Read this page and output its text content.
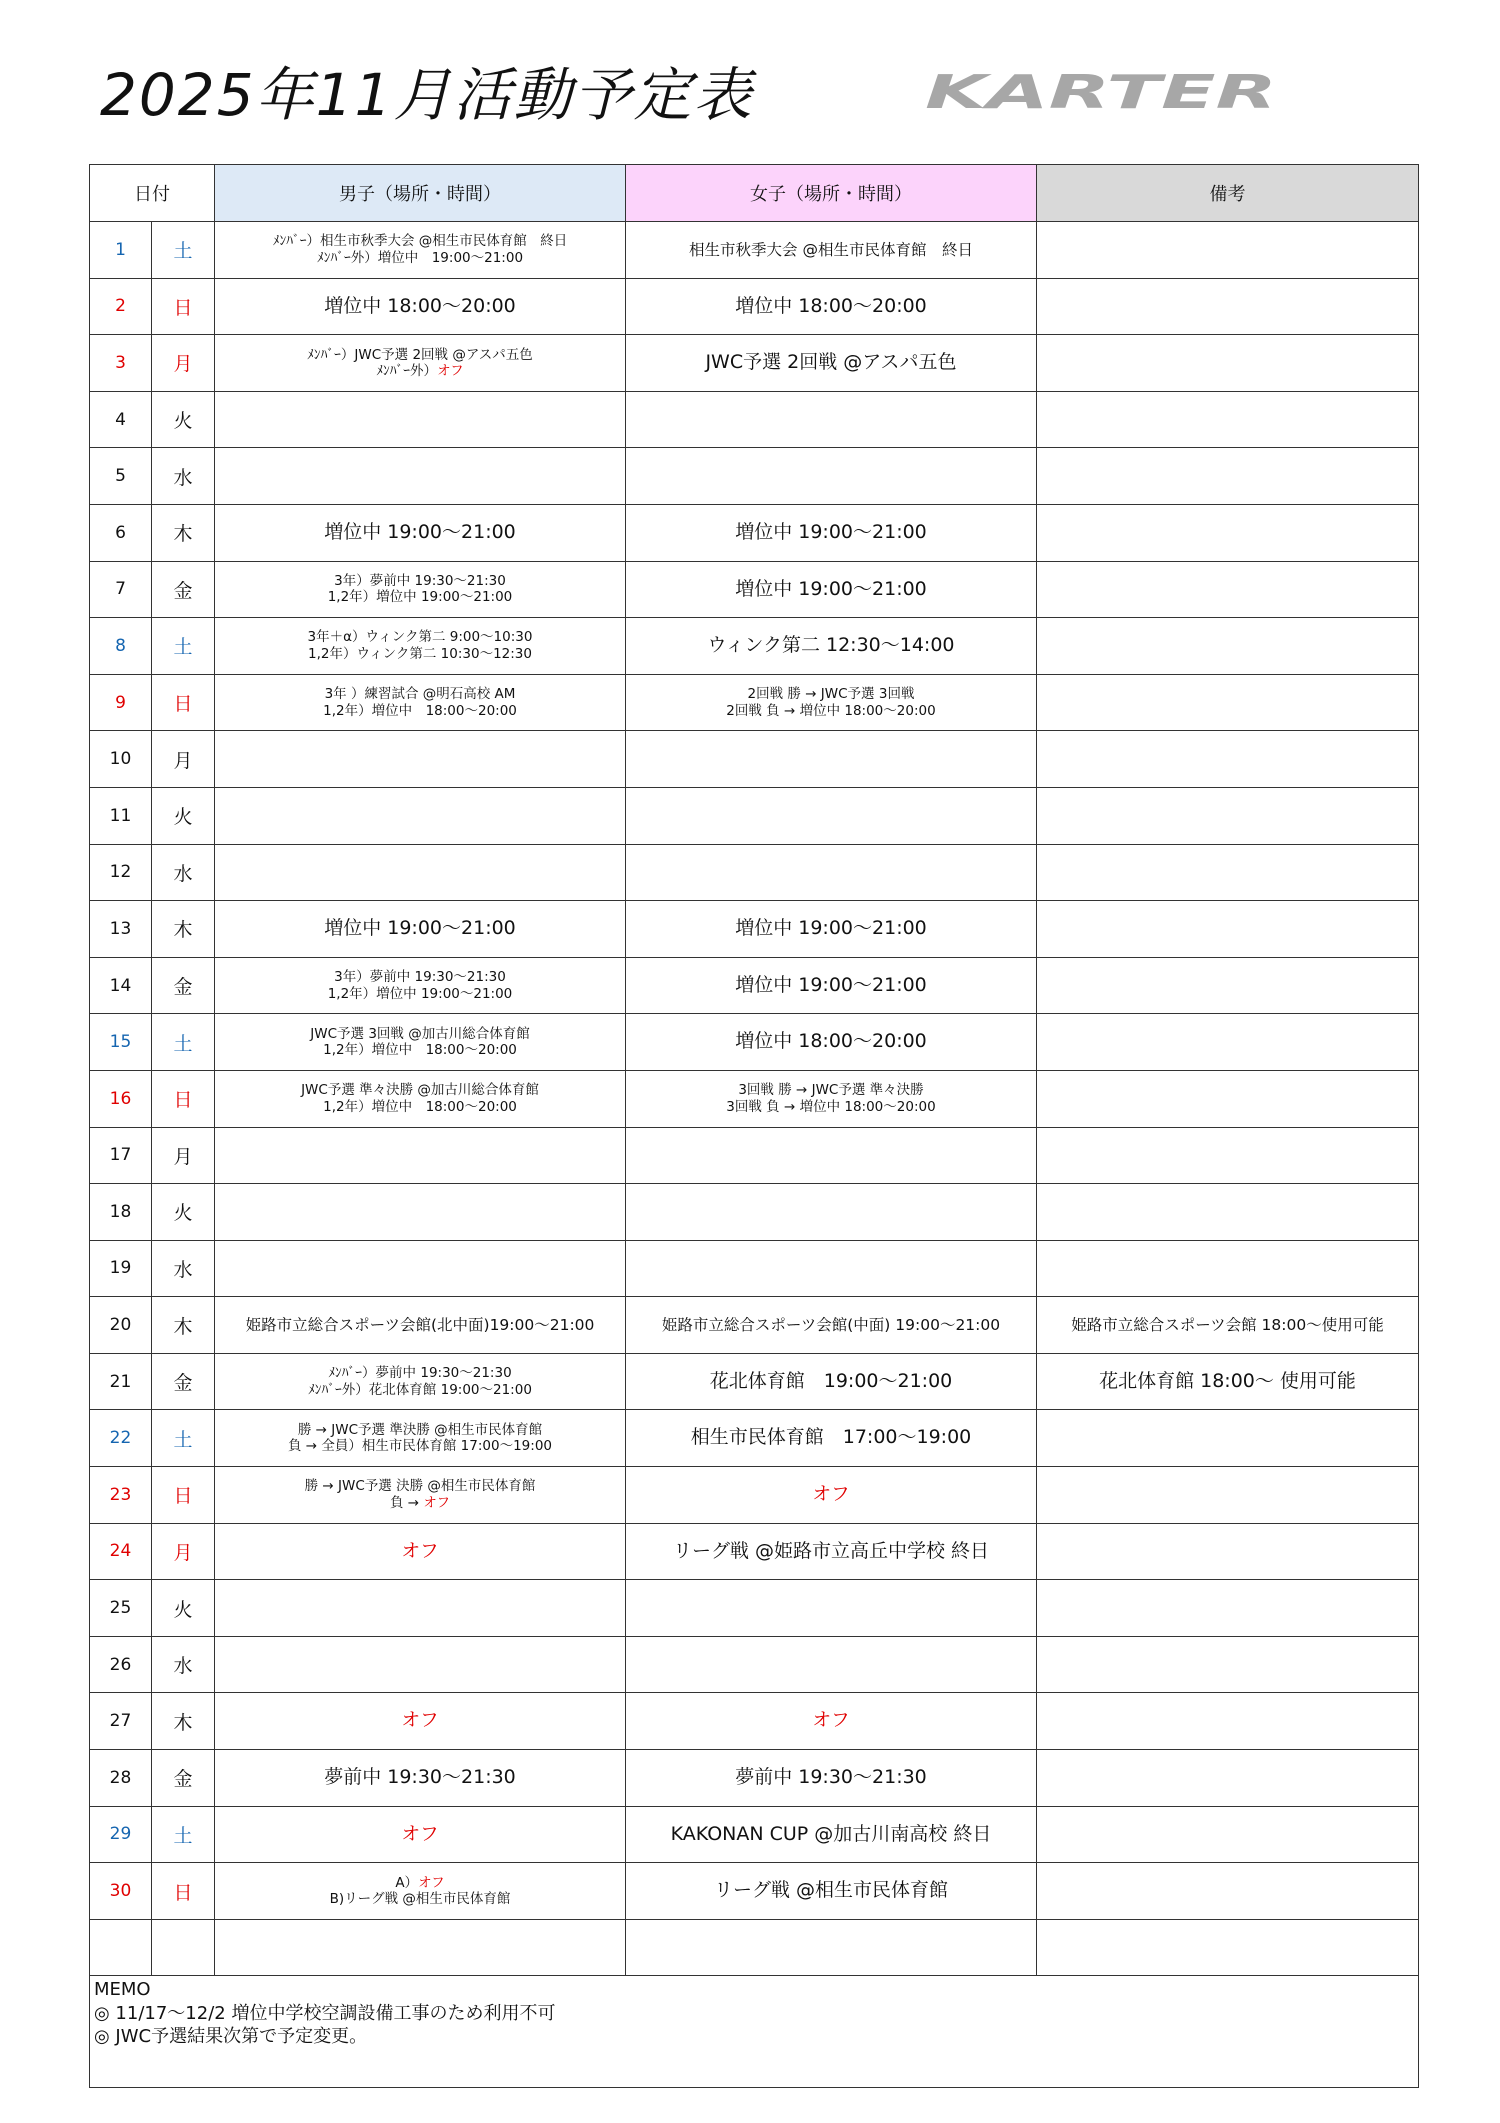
2025年11月活動予定表	KARTER
日付		男子（場所・時間）	女子（場所・時間）	備考
1	土	ﾒﾝﾊﾞｰ）相生市秋季大会 @相生市民体育館　終日
ﾒﾝﾊﾞｰ外）増位中　19:00～21:00	相生市秋季大会 @相生市民体育館　終日	

2	日	増位中 18:00～20:00	増位中 18:00～20:00	

3	月	ﾒﾝﾊﾞｰ）JWC予選 2回戦 @アスパ五色
ﾒﾝﾊﾞｰ外）オフ	JWC予選 2回戦 @アスパ五色	

4	火			
5	水			
6	木	増位中 19:00～21:00	増位中 19:00～21:00	

7	金	3年）夢前中 19:30～21:30
1,2年）増位中 19:00～21:00	増位中 19:00～21:00	

8	土	3年＋α）ウィンク第二 9:00～10:30
1,2年）ウィンク第二 10:30～12:30	ウィンク第二 12:30～14:00	

9	日	3年 ）練習試合 @明石高校 AM
1,2年）増位中　18:00～20:00	2回戦 勝 → JWC予選 3回戦
2回戦 負 → 増位中 18:00～20:00	

10	月			
11	火			
12	水			
13	木	増位中 19:00～21:00	増位中 19:00～21:00	

14	金	3年）夢前中 19:30～21:30
1,2年）増位中 19:00～21:00	増位中 19:00～21:00	

15	土	JWC予選 3回戦 @加古川総合体育館
1,2年）増位中　18:00～20:00	増位中 18:00～20:00	

16	日	JWC予選 準々決勝 @加古川総合体育館
1,2年）増位中　18:00～20:00	3回戦 勝 → JWC予選 準々決勝
3回戦 負 → 増位中 18:00～20:00	

17	月			
18	火			
19	水			
20	木	姫路市立総合スポーツ会館(北中面)19:00～21:00	姫路市立総合スポーツ会館(中面) 19:00～21:00	姫路市立総合スポーツ会館 18:00～使用可能

21	金	ﾒﾝﾊﾞｰ）夢前中 19:30～21:30
ﾒﾝﾊﾞｰ外）花北体育館 19:00～21:00	花北体育館　19:00～21:00	花北体育館 18:00～ 使用可能

22	土	勝 → JWC予選 準決勝 @相生市民体育館
負 → 全員）相生市民体育館 17:00～19:00	相生市民体育館　17:00～19:00	

23	日	勝 → JWC予選 決勝 @相生市民体育館
負 → オフ	オフ	

24	月	オフ	リーグ戦 @姫路市立高丘中学校 終日	

25	火			
26	水			
27	木	オフ	オフ	

28	金	夢前中 19:30～21:30	夢前中 19:30～21:30	

29	土	オフ	KAKONAN CUP @加古川南高校 終日	

30	日	A）オフ
B)リーグ戦 @相生市民体育館	リーグ戦 @相生市民体育館	

MEMO
◎ 11/17～12/2 増位中学校空調設備工事のため利用不可
◎ JWC予選結果次第で予定変更。				
